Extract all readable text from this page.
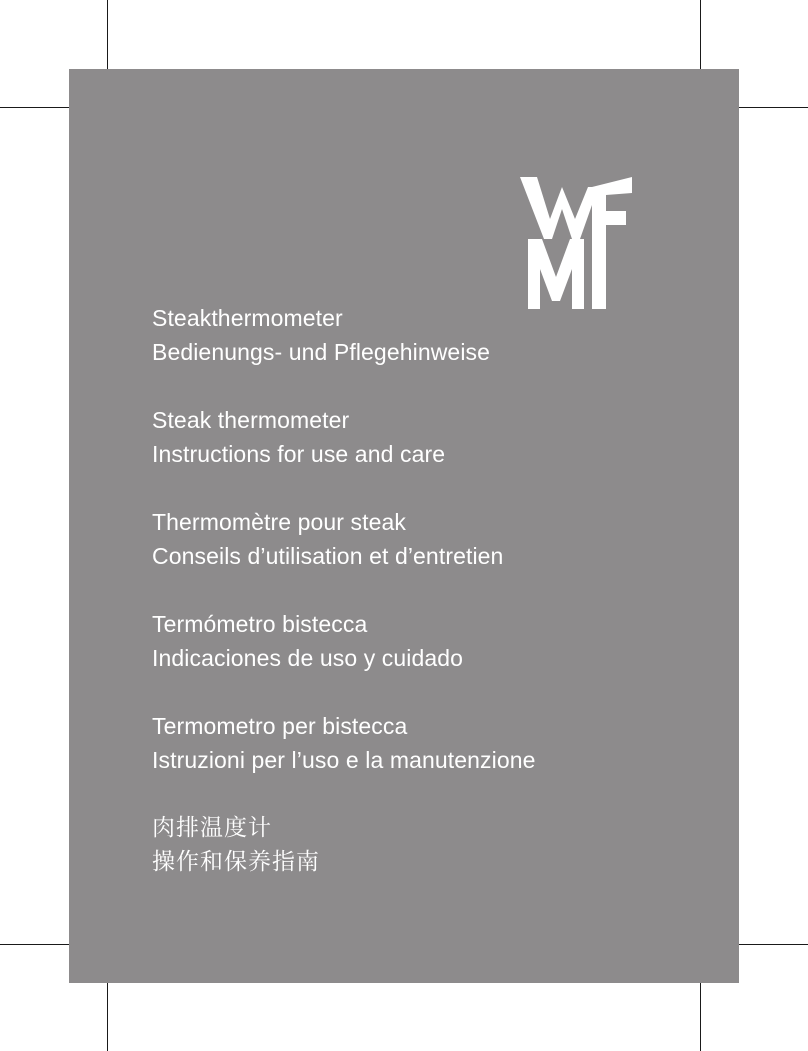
Steakthermometer
Bedienungs- und Pflegehinweise
Steak thermometer
Instructions for use and care
Thermomètre pour steak
Conseils d’utilisation et d’entretien
Termómetro bistecca
Indicaciones de uso y cuidado
Termometro per bistecca
Istruzioni per l’uso e la manutenzione
肉排温度计
操作和保养指南
